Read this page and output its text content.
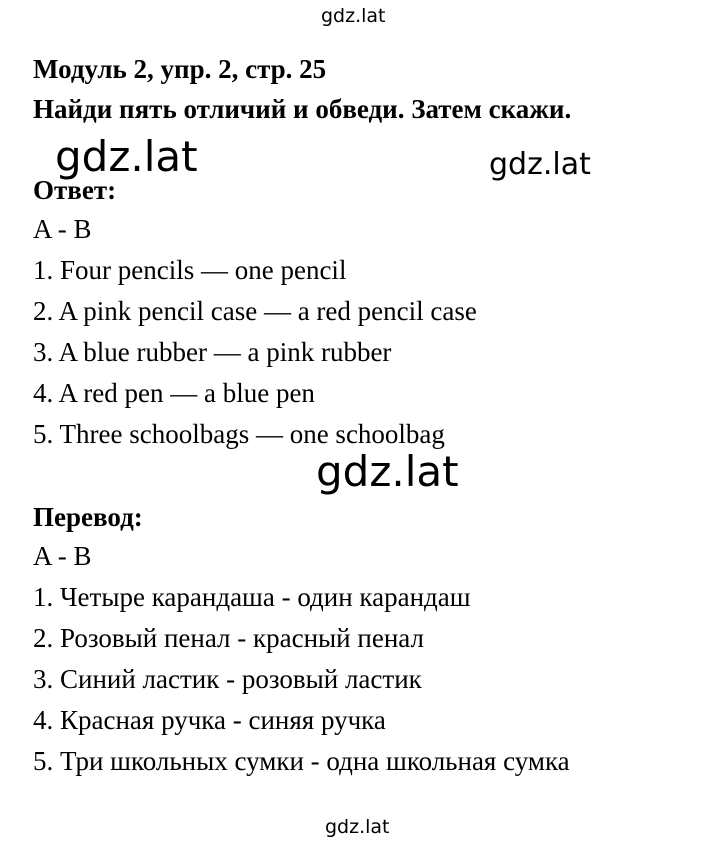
gdz.lat
Модуль 2, упр. 2, стр. 25
Найди пять отличий и обведи. Затем скажи.
gdz.lat	gdz.lat
Ответ:
A - B
1. Four pencils — one pencil
2. A pink pencil case — a red pencil case
3. A blue rubber — a pink rubber
4. A red pen — a blue pen
5. Three schoolbags — one schoolbag
gdz.lat
Перевод:
A - B
1. Четыре карандаша - один карандаш
2. Розовый пенал - красный пенал
3. Синий ластик - розовый ластик
4. Красная ручка - синяя ручка
5. Три школьных сумки - одна школьная сумка
gdz.lat
